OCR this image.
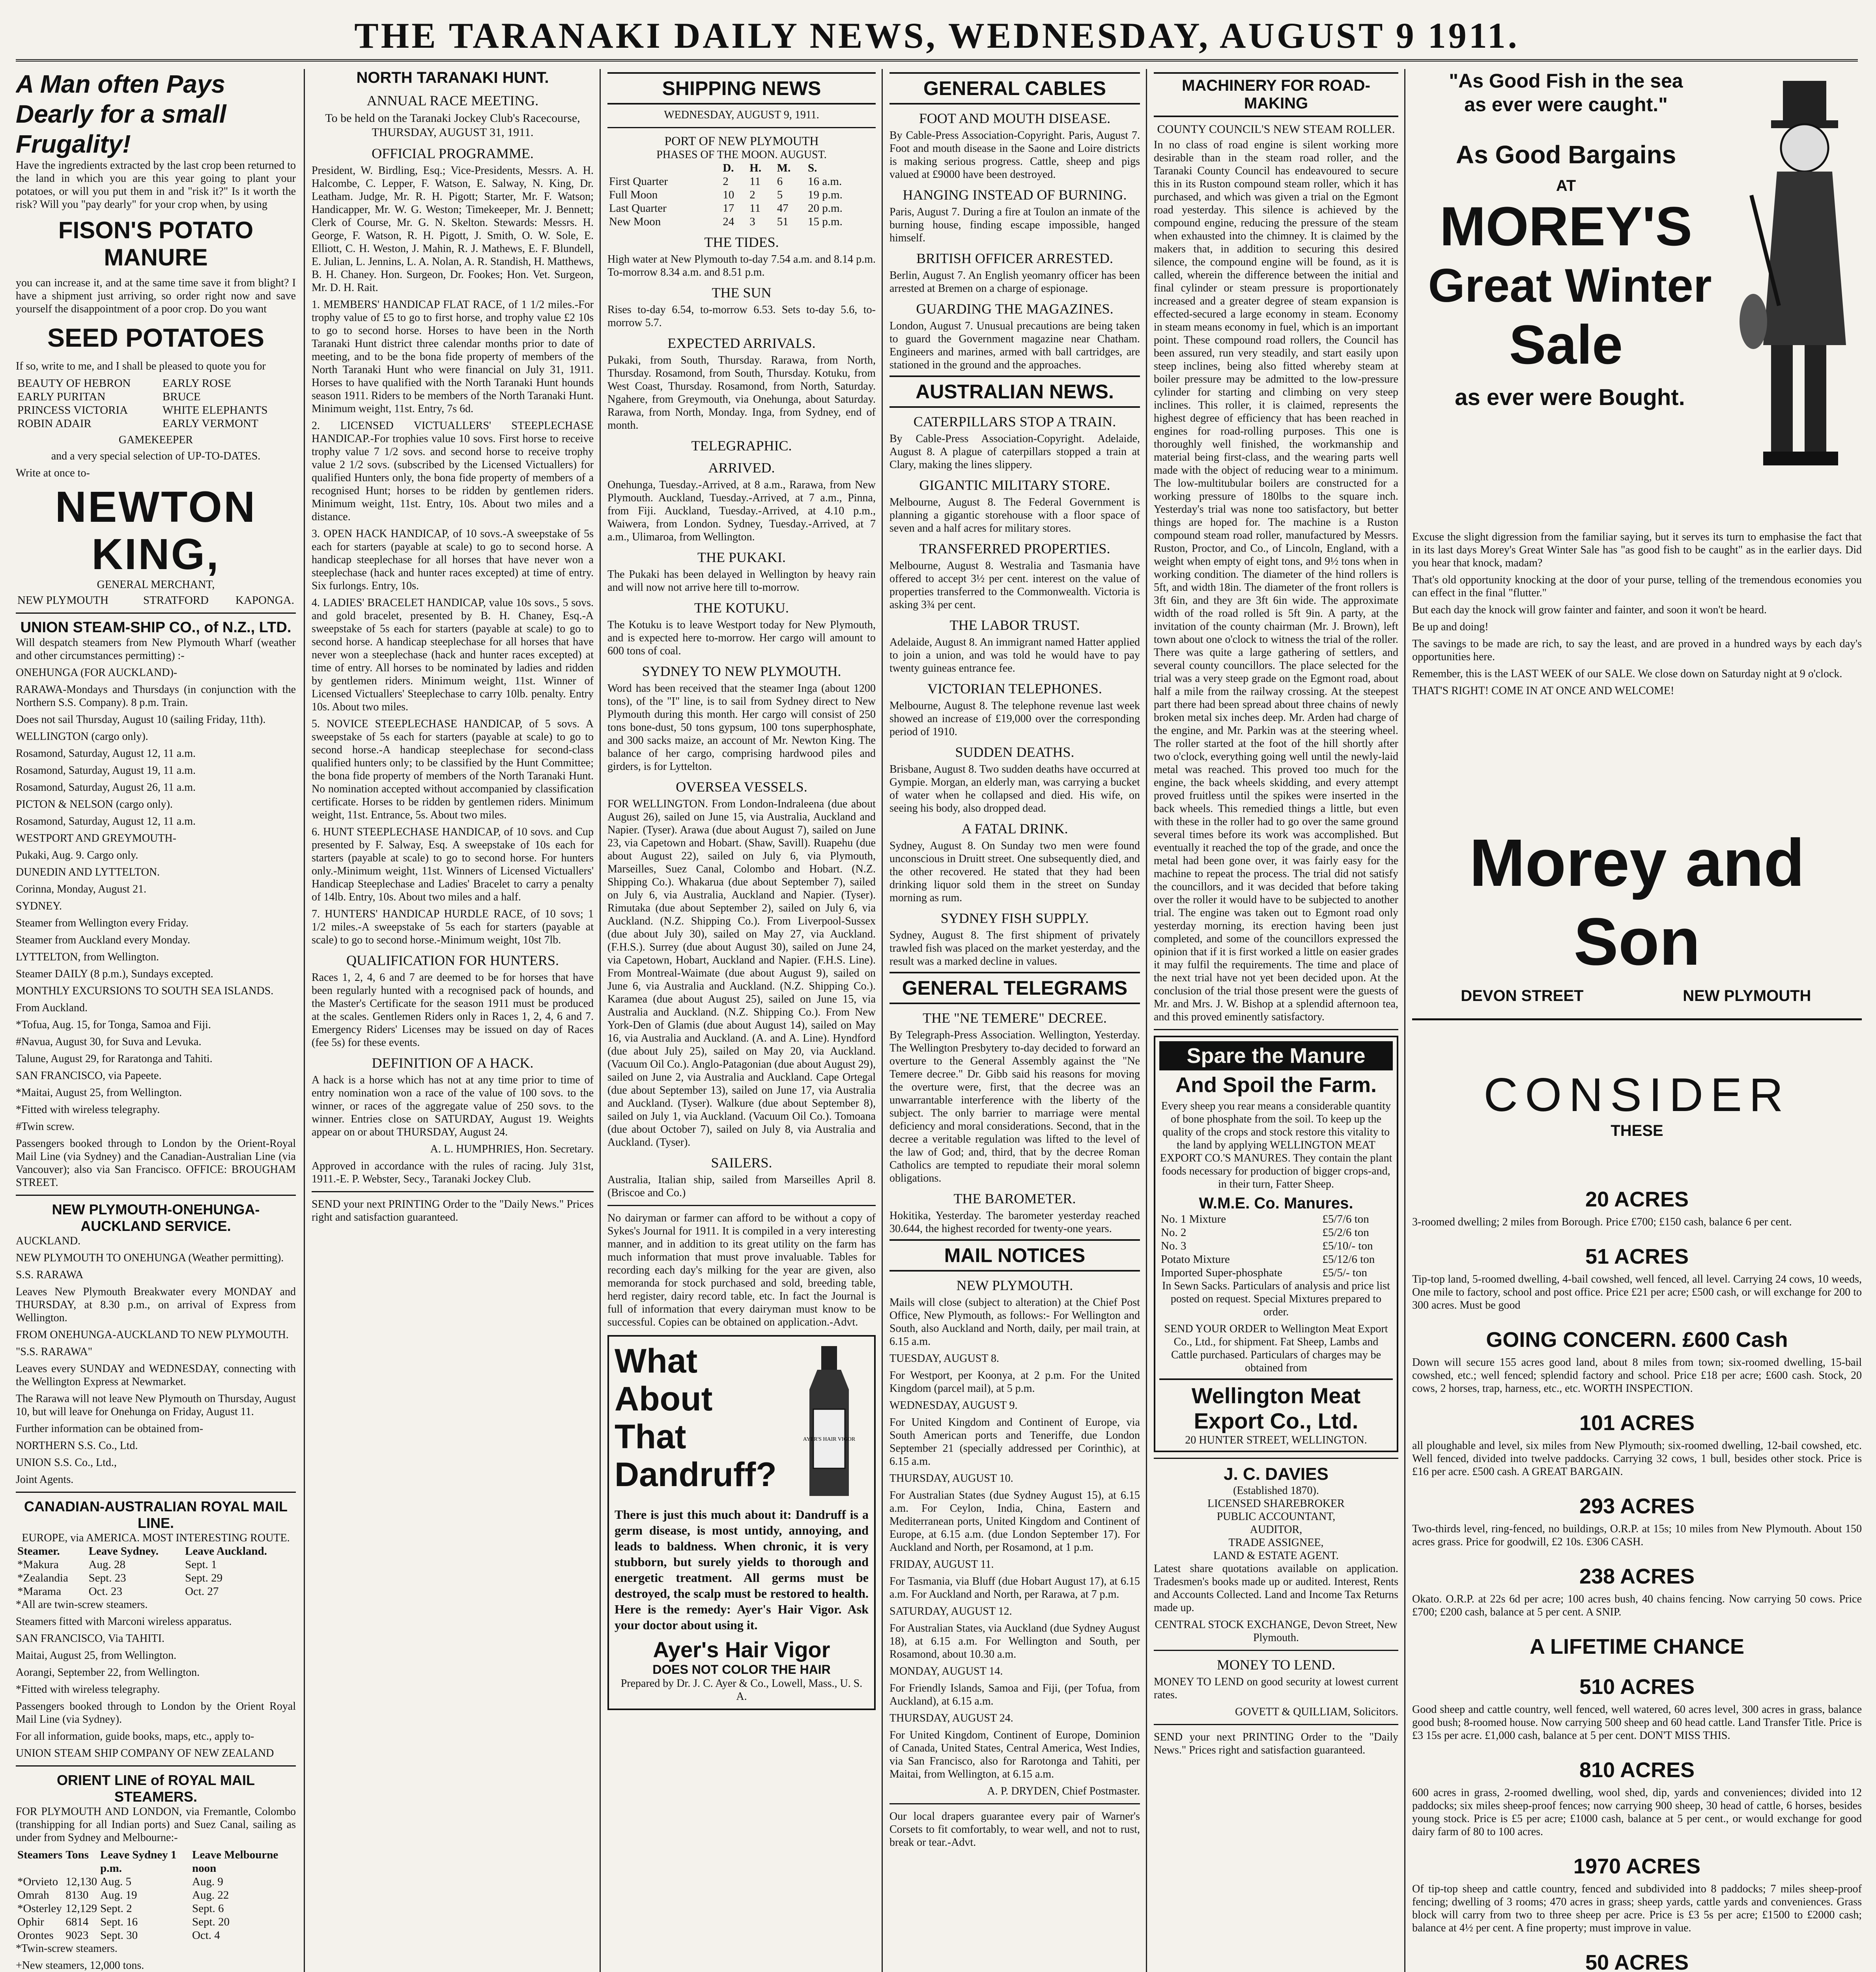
THE TARANAKI DAILY NEWS, WEDNESDAY, AUGUST 9 1911.
A Man often Pays Dearly for a small Frugality!

Have the ingredients extracted by the last crop been returned to the land in which you are this year going to plant your potatoes, or will you put them in and "risk it?" Is it worth the risk? Will you "pay dearly" for your crop when, by using

FISON'S POTATO MANURE

you can increase it, and at the same time save it from blight? I have a shipment just arriving, so order right now and save yourself the disappointment of a poor crop. Do you want

SEED POTATOES

If so, write to me, and I shall be pleased to quote you for

BEAUTY OF HEBRON	EARLY ROSE
EARLY PURITAN	BRUCE
PRINCESS VICTORIA	WHITE ELEPHANTS
ROBIN ADAIR	EARLY VERMONT
GAMEKEEPER

and a very special selection of UP-TO-DATES.

Write at once to-

NEWTON KING,
GENERAL MERCHANT,
NEW PLYMOUTH	STRATFORD	KAPONGA.
UNION STEAM-SHIP CO., of N.Z., LTD.

Will despatch steamers from New Plymouth Wharf (weather and other circumstances permitting) :-

ONEHUNGA (FOR AUCKLAND)-
RARAWA-Mondays and Thursdays (in conjunction with the Northern S.S. Company). 8 p.m. Train.
Does not sail Thursday, August 10 (sailing Friday, 11th).
WELLINGTON (cargo only).
Rosamond, Saturday, August 12, 11 a.m.
Rosamond, Saturday, August 19, 11 a.m.
Rosamond, Saturday, August 26, 11 a.m.
PICTON & NELSON (cargo only).
Rosamond, Saturday, August 12, 11 a.m.
WESTPORT AND GREYMOUTH-
Pukaki, Aug. 9. Cargo only.
DUNEDIN AND LYTTELTON.
Corinna, Monday, August 21.
SYDNEY.
Steamer from Wellington every Friday.
Steamer from Auckland every Monday.
LYTTELTON, from Wellington.
Steamer DAILY (8 p.m.), Sundays excepted.
MONTHLY EXCURSIONS TO SOUTH SEA ISLANDS.
From Auckland.
*Tofua, Aug. 15, for Tonga, Samoa and Fiji.
#Navua, August 30, for Suva and Levuka.
Talune, August 29, for Raratonga and Tahiti.
SAN FRANCISCO, via Papeete.
*Maitai, August 25, from Wellington.
*Fitted with wireless telegraphy.
#Twin screw.

Passengers booked through to London by the Orient-Royal Mail Line (via Sydney) and the Canadian-Australian Line (via Vancouver); also via San Francisco. OFFICE: BROUGHAM STREET.

NEW PLYMOUTH-ONEHUNGA-AUCKLAND SERVICE.
AUCKLAND.
NEW PLYMOUTH TO ONEHUNGA (Weather permitting).
S.S. RARAWA
Leaves New Plymouth Breakwater every MONDAY and THURSDAY, at 8.30 p.m., on arrival of Express from Wellington.
FROM ONEHUNGA-AUCKLAND TO NEW PLYMOUTH.
"S.S. RARAWA"
Leaves every SUNDAY and WEDNESDAY, connecting with the Wellington Express at Newmarket.
The Rarawa will not leave New Plymouth on Thursday, August 10, but will leave for Onehunga on Friday, August 11.
Further information can be obtained from-
NORTHERN S.S. Co., Ltd.
UNION S.S. Co., Ltd.,
Joint Agents.
CANADIAN-AUSTRALIAN ROYAL MAIL LINE.
EUROPE, via AMERICA. MOST INTERESTING ROUTE.
Steamer.	Leave Sydney.	Leave Auckland.
*Makura	Aug. 28	Sept. 1
*Zealandia	Sept. 23	Sept. 29
*Marama	Oct. 23	Oct. 27
*All are twin-screw steamers.
Steamers fitted with Marconi wireless apparatus.
SAN FRANCISCO, Via TAHITI.
Maitai, August 25, from Wellington.
Aorangi, September 22, from Wellington.
*Fitted with wireless telegraphy.
Passengers booked through to London by the Orient Royal Mail Line (via Sydney).
For all information, guide books, maps, etc., apply to-
UNION STEAM SHIP COMPANY OF NEW ZEALAND
ORIENT LINE of ROYAL MAIL STEAMERS.

FOR PLYMOUTH AND LONDON, via Fremantle, Colombo (transhipping for all Indian ports) and Suez Canal, sailing as under from Sydney and Melbourne:-

Steamers	Tons	Leave Sydney 1 p.m.	Leave Melbourne noon
*Orvieto	12,130	Aug. 5	Aug. 9
Omrah	8130	Aug. 19	Aug. 22
*Osterley	12,129	Sept. 2	Sept. 6
Ophir	6814	Sept. 16	Sept. 20
Orontes	9023	Sept. 30	Oct. 4
*Twin-screw steamers.
+New steamers, 12,000 tons.

NORTH TARANAKI HUNT.
ANNUAL RACE MEETING.

To be held on the Taranaki Jockey Club's Racecourse, THURSDAY, AUGUST 31, 1911.

OFFICIAL PROGRAMME.

President, W. Birdling, Esq.; Vice-Presidents, Messrs. A. H. Halcombe, C. Lepper, F. Watson, E. Salway, N. King, Dr. Leatham. Judge, Mr. R. H. Pigott; Starter, Mr. F. Watson; Handicapper, Mr. W. G. Weston; Timekeeper, Mr. J. Bennett; Clerk of Course, Mr. G. N. Skelton. Stewards: Messrs. H. George, F. Watson, R. H. Pigott, J. Smith, O. W. Sole, E. Elliott, C. H. Weston, J. Mahin, R. J. Mathews, E. F. Blundell, E. Julian, L. Jennins, L. A. Nolan, A. R. Standish, H. Matthews, B. H. Chaney. Hon. Surgeon, Dr. Fookes; Hon. Vet. Surgeon, Mr. D. H. Rait.

1. MEMBERS' HANDICAP FLAT RACE, of 1 1/2 miles.-For trophy value of £5 to go to first horse, and trophy value £2 10s to go to second horse. Horses to have been in the North Taranaki Hunt district three calendar months prior to date of meeting, and to be the bona fide property of members of the North Taranaki Hunt who were financial on July 31, 1911. Horses to have qualified with the North Taranaki Hunt hounds season 1911. Riders to be members of the North Taranaki Hunt. Minimum weight, 11st. Entry, 7s 6d.
2. LICENSED VICTUALLERS' STEEPLECHASE HANDICAP.-For trophies value 10 sovs. First horse to receive trophy value 7 1/2 sovs. and second horse to receive trophy value 2 1/2 sovs. (subscribed by the Licensed Victuallers) for qualified Hunters only, the bona fide property of members of a recognised Hunt; horses to be ridden by gentlemen riders. Minimum weight, 11st. Entry, 10s. About two miles and a distance.
3. OPEN HACK HANDICAP, of 10 sovs.-A sweepstake of 5s each for starters (payable at scale) to go to second horse. A handicap steeplechase for all horses that have never won a steeplechase (hack and hunter races excepted) at time of entry. Six furlongs. Entry, 10s.
4. LADIES' BRACELET HANDICAP, value 10s sovs., 5 sovs. and gold bracelet, presented by B. H. Chaney, Esq.-A sweepstake of 5s each for starters (payable at scale) to go to second horse. A handicap steeplechase for all horses that have never won a steeplechase (hack and hunter races excepted) at time of entry. All horses to be nominated by ladies and ridden by gentlemen riders. Minimum weight, 11st. Winner of Licensed Victuallers' Steeplechase to carry 10lb. penalty. Entry 10s. About two miles.
5. NOVICE STEEPLECHASE HANDICAP, of 5 sovs. A sweepstake of 5s each for starters (payable at scale) to go to second horse.-A handicap steeplechase for second-class qualified hunters only; to be classified by the Hunt Committee; the bona fide property of members of the North Taranaki Hunt. No nomination accepted without accompanied by classification certificate. Horses to be ridden by gentlemen riders. Minimum weight, 11st. Entrance, 5s. About two miles.
6. HUNT STEEPLECHASE HANDICAP, of 10 sovs. and Cup presented by F. Salway, Esq. A sweepstake of 10s each for starters (payable at scale) to go to second horse. For hunters only.-Minimum weight, 11st. Winners of Licensed Victuallers' Handicap Steeplechase and Ladies' Bracelet to carry a penalty of 14lb. Entry, 10s. About two miles and a half.
7. HUNTERS' HANDICAP HURDLE RACE, of 10 sovs; 1 1/2 miles.-A sweepstake of 5s each for starters (payable at scale) to go to second horse.-Minimum weight, 10st 7lb.
QUALIFICATION FOR HUNTERS.

Races 1, 2, 4, 6 and 7 are deemed to be for horses that have been regularly hunted with a recognised pack of hounds, and the Master's Certificate for the season 1911 must be produced at the scales. Gentlemen Riders only in Races 1, 2, 4, 6 and 7. Emergency Riders' Licenses may be issued on day of Races (fee 5s) for these events.

DEFINITION OF A HACK.

A hack is a horse which has not at any time prior to time of entry nomination won a race of the value of 100 sovs. to the winner, or races of the aggregate value of 250 sovs. to the winner. Entries close on SATURDAY, August 19. Weights appear on or about THURSDAY, August 24.

A. L. HUMPHRIES, Hon. Secretary.

Approved in accordance with the rules of racing. July 31st, 1911.-E. P. Webster, Secy., Taranaki Jockey Club.

SEND your next PRINTING Order to the "Daily News." Prices right and satisfaction guaranteed.

SHIPPING NEWS
WEDNESDAY, AUGUST 9, 1911.
PORT OF NEW PLYMOUTH
PHASES OF THE MOON. AUGUST.
	D.	H.	M.	S.
First Quarter	2	11	6	16 a.m.
Full Moon	10	2	5	19 p.m.
Last Quarter	17	11	47	20 p.m.
New Moon	24	3	51	15 p.m.
THE TIDES.

High water at New Plymouth to-day 7.54 a.m. and 8.14 p.m. To-morrow 8.34 a.m. and 8.51 p.m.

THE SUN

Rises to-day 6.54, to-morrow 6.53. Sets to-day 5.6, to-morrow 5.7.

EXPECTED ARRIVALS.

Pukaki, from South, Thursday. Rarawa, from North, Thursday. Rosamond, from South, Thursday. Kotuku, from West Coast, Thursday. Rosamond, from North, Saturday. Ngahere, from Greymouth, via Onehunga, about Saturday. Rarawa, from North, Monday. Inga, from Sydney, end of month.

TELEGRAPHIC.
ARRIVED.

Onehunga, Tuesday.-Arrived, at 8 a.m., Rarawa, from New Plymouth. Auckland, Tuesday.-Arrived, at 7 a.m., Pinna, from Fiji. Auckland, Tuesday.-Arrived, at 4.10 p.m., Waiwera, from London. Sydney, Tuesday.-Arrived, at 7 a.m., Ulimaroa, from Wellington.

THE PUKAKI.

The Pukaki has been delayed in Wellington by heavy rain and will now not arrive here till to-morrow.

THE KOTUKU.

The Kotuku is to leave Westport today for New Plymouth, and is expected here to-morrow. Her cargo will amount to 600 tons of coal.

SYDNEY TO NEW PLYMOUTH.

Word has been received that the steamer Inga (about 1200 tons), of the "I" line, is to sail from Sydney direct to New Plymouth during this month. Her cargo will consist of 250 tons bone-dust, 50 tons gypsum, 100 tons superphosphate, and 300 sacks maize, an account of Mr. Newton King. The balance of her cargo, comprising hardwood piles and girders, is for Lyttelton.

OVERSEA VESSELS.

FOR WELLINGTON. From London-Indraleena (due about August 26), sailed on June 15, via Australia, Auckland and Napier. (Tyser). Arawa (due about August 7), sailed on June 23, via Capetown and Hobart. (Shaw, Savill). Ruapehu (due about August 22), sailed on July 6, via Plymouth, Marseilles, Suez Canal, Colombo and Hobart. (N.Z. Shipping Co.). Whakarua (due about September 7), sailed on July 6, via Australia, Auckland and Napier. (Tyser). Rimutaka (due about September 2), sailed on July 6, via Auckland. (N.Z. Shipping Co.). From Liverpool-Sussex (due about July 30), sailed on May 27, via Auckland. (F.H.S.). Surrey (due about August 30), sailed on June 24, via Capetown, Hobart, Auckland and Napier. (F.H.S. Line). From Montreal-Waimate (due about August 9), sailed on June 6, via Australia and Auckland. (N.Z. Shipping Co.). Karamea (due about August 25), sailed on June 15, via Australia and Auckland. (N.Z. Shipping Co.). From New York-Den of Glamis (due about August 14), sailed on May 16, via Australia and Auckland. (A. and A. Line). Hyndford (due about July 25), sailed on May 20, via Auckland. (Vacuum Oil Co.). Anglo-Patagonian (due about August 29), sailed on June 2, via Australia and Auckland. Cape Ortegal (due about September 13), sailed on June 17, via Australia and Auckland. (Tyser). Walkure (due about September 8), sailed on July 1, via Auckland. (Vacuum Oil Co.). Tomoana (due about October 7), sailed on July 8, via Australia and Auckland. (Tyser).

SAILERS.

Australia, Italian ship, sailed from Marseilles April 8. (Briscoe and Co.)

No dairyman or farmer can afford to be without a copy of Sykes's Journal for 1911. It is compiled in a very interesting manner, and in addition to its great utility on the farm has much information that must prove invaluable. Tables for recording each day's milking for the year are given, also memoranda for stock purchased and sold, breeding table, herd register, dairy record table, etc. In fact the Journal is full of information that every dairyman must know to be successful. Copies can be obtained on application.-Advt.

What
About
That
Dandruff?
AYER'S HAIR VIGOR

There is just this much about it: Dandruff is a germ disease, is most untidy, annoying, and leads to baldness. When chronic, it is very stubborn, but surely yields to thorough and energetic treatment. All germs must be destroyed, the scalp must be restored to health. Here is the remedy: Ayer's Hair Vigor. Ask your doctor about using it.

Ayer's Hair Vigor
DOES NOT COLOR THE HAIR
Prepared by Dr. J. C. Ayer & Co., Lowell, Mass., U. S. A.
GENERAL CABLES
FOOT AND MOUTH DISEASE.

By Cable-Press Association-Copyright. Paris, August 7. Foot and mouth disease in the Saone and Loire districts is making serious progress. Cattle, sheep and pigs valued at £9000 have been destroyed.

HANGING INSTEAD OF BURNING.

Paris, August 7. During a fire at Toulon an inmate of the burning house, finding escape impossible, hanged himself.

BRITISH OFFICER ARRESTED.

Berlin, August 7. An English yeomanry officer has been arrested at Bremen on a charge of espionage.

GUARDING THE MAGAZINES.

London, August 7. Unusual precautions are being taken to guard the Government magazine near Chatham. Engineers and marines, armed with ball cartridges, are stationed in the ground and the approaches.

AUSTRALIAN NEWS.
CATERPILLARS STOP A TRAIN.

By Cable-Press Association-Copyright. Adelaide, August 8. A plague of caterpillars stopped a train at Clary, making the lines slippery.

GIGANTIC MILITARY STORE.

Melbourne, August 8. The Federal Government is planning a gigantic storehouse with a floor space of seven and a half acres for military stores.

TRANSFERRED PROPERTIES.

Melbourne, August 8. Westralia and Tasmania have offered to accept 3½ per cent. interest on the value of properties transferred to the Commonwealth. Victoria is asking 3¾ per cent.

THE LABOR TRUST.

Adelaide, August 8. An immigrant named Hatter applied to join a union, and was told he would have to pay twenty guineas entrance fee.

VICTORIAN TELEPHONES.

Melbourne, August 8. The telephone revenue last week showed an increase of £19,000 over the corresponding period of 1910.

SUDDEN DEATHS.

Brisbane, August 8. Two sudden deaths have occurred at Gympie. Morgan, an elderly man, was carrying a bucket of water when he collapsed and died. His wife, on seeing his body, also dropped dead.

A FATAL DRINK.

Sydney, August 8. On Sunday two men were found unconscious in Druitt street. One subsequently died, and the other recovered. He stated that they had been drinking liquor sold them in the street on Sunday morning as rum.

SYDNEY FISH SUPPLY.

Sydney, August 8. The first shipment of privately trawled fish was placed on the market yesterday, and the result was a marked decline in values.

GENERAL TELEGRAMS
THE "NE TEMERE" DECREE.

By Telegraph-Press Association. Wellington, Yesterday. The Wellington Presbytery to-day decided to forward an overture to the General Assembly against the "Ne Temere decree." Dr. Gibb said his reasons for moving the overture were, first, that the decree was an unwarrantable interference with the liberty of the subject. The only barrier to marriage were mental deficiency and moral considerations. Second, that in the decree a veritable regulation was lifted to the level of the law of God; and, third, that by the decree Roman Catholics are tempted to repudiate their moral solemn obligations.

THE BAROMETER.

Hokitika, Yesterday. The barometer yesterday reached 30.644, the highest recorded for twenty-one years.

MAIL NOTICES
NEW PLYMOUTH.

Mails will close (subject to alteration) at the Chief Post Office, New Plymouth, as follows:- For Wellington and South, also Auckland and North, daily, per mail train, at 6.15 a.m.

TUESDAY, AUGUST 8.
For Westport, per Koonya, at 2 p.m. For the United Kingdom (parcel mail), at 5 p.m.
WEDNESDAY, AUGUST 9.
For United Kingdom and Continent of Europe, via South American ports and Teneriffe, due London September 21 (specially addressed per Corinthic), at 6.15 a.m.
THURSDAY, AUGUST 10.
For Australian States (due Sydney August 15), at 6.15 a.m. For Ceylon, India, China, Eastern and Mediterranean ports, United Kingdom and Continent of Europe, at 6.15 a.m. (due London September 17). For Auckland and North, per Rosamond, at 1 p.m.
FRIDAY, AUGUST 11.
For Tasmania, via Bluff (due Hobart August 17), at 6.15 a.m. For Auckland and North, per Rarawa, at 7 p.m.
SATURDAY, AUGUST 12.
For Australian States, via Auckland (due Sydney August 18), at 6.15 a.m. For Wellington and South, per Rosamond, about 10.30 a.m.
MONDAY, AUGUST 14.
For Friendly Islands, Samoa and Fiji, (per Tofua, from Auckland), at 6.15 a.m.
THURSDAY, AUGUST 24.
For United Kingdom, Continent of Europe, Dominion of Canada, United States, Central America, West Indies, via San Francisco, also for Rarotonga and Tahiti, per Maitai, from Wellington, at 6.15 a.m.

A. P. DRYDEN, Chief Postmaster.

Our local drapers guarantee every pair of Warner's Corsets to fit comfortably, to wear well, and not to rust, break or tear.-Advt.

MACHINERY FOR ROAD-MAKING
COUNTY COUNCIL'S NEW STEAM ROLLER.

In no class of road engine is silent working more desirable than in the steam road roller, and the Taranaki County Council has endeavoured to secure this in its Ruston compound steam roller, which it has purchased, and which was given a trial on the Egmont road yesterday. This silence is achieved by the compound engine, reducing the pressure of the steam when exhausted into the chimney. It is claimed by the makers that, in addition to securing this desired silence, the compound engine will be found, as it is called, wherein the difference between the initial and final cylinder or steam pressure is proportionately increased and a greater degree of steam expansion is effected-secured a large economy in steam. Economy in steam means economy in fuel, which is an important point. These compound road rollers, the Council has been assured, run very steadily, and start easily upon steep inclines, being also fitted whereby steam at boiler pressure may be admitted to the low-pressure cylinder for starting and climbing on very steep inclines. This roller, it is claimed, represents the highest degree of efficiency that has been reached in engines for road-rolling purposes. This one is thoroughly well finished, the workmanship and material being first-class, and the wearing parts well made with the object of reducing wear to a minimum. The low-multitubular boilers are constructed for a working pressure of 180lbs to the square inch. Yesterday's trial was none too satisfactory, but better things are hoped for. The machine is a Ruston compound steam road roller, manufactured by Messrs. Ruston, Proctor, and Co., of Lincoln, England, with a weight when empty of eight tons, and 9½ tons when in working condition. The diameter of the hind rollers is 5ft, and width 18in. The diameter of the front rollers is 3ft 6in, and they are 3ft 6in wide. The approximate width of the road rolled is 5ft 9in. A party, at the invitation of the county chairman (Mr. J. Brown), left town about one o'clock to witness the trial of the roller. There was quite a large gathering of settlers, and several county councillors. The place selected for the trial was a very steep grade on the Egmont road, about half a mile from the railway crossing. At the steepest part there had been spread about three chains of newly broken metal six inches deep. Mr. Arden had charge of the engine, and Mr. Parkin was at the steering wheel. The roller started at the foot of the hill shortly after two o'clock, everything going well until the newly-laid metal was reached. This proved too much for the engine, the back wheels skidding, and every attempt proved fruitless until the spikes were inserted in the back wheels. This remedied things a little, but even with these in the roller had to go over the same ground several times before its work was accomplished. But eventually it reached the top of the grade, and once the metal had been gone over, it was fairly easy for the machine to repeat the process. The trial did not satisfy the councillors, and it was decided that before taking over the roller it would have to be subjected to another trial. The engine was taken out to Egmont road only yesterday morning, its erection having been just completed, and some of the councillors expressed the opinion that if it is first worked a little on easier grades it may fulfil the requirements. The time and place of the next trial have not yet been decided upon. At the conclusion of the trial those present were the guests of Mr. and Mrs. J. W. Bishop at a splendid afternoon tea, and this proved eminently satisfactory.

Spare the Manure
And Spoil the Farm.

Every sheep you rear means a considerable quantity of bone phosphate from the soil. To keep up the quality of the crops and stock restore this vitality to the land by applying WELLINGTON MEAT EXPORT CO.'S MANURES. They contain the plant foods necessary for production of bigger crops-and, in their turn, Fatter Sheep.

W.M.E. Co. Manures.
No. 1 Mixture	£5/7/6 ton
No. 2	£5/2/6 ton
No. 3	£5/10/- ton
Potato Mixture	£5/12/6 ton
Imported Super-phosphate	£5/5/- ton

In Sewn Sacks. Particulars of analysis and price list posted on request. Special Mixtures prepared to order.

SEND YOUR ORDER to Wellington Meat Export Co., Ltd., for shipment. Fat Sheep, Lambs and Cattle purchased. Particulars of charges may be obtained from

Wellington Meat Export Co., Ltd.
20 HUNTER STREET, WELLINGTON.
J. C. DAVIES
(Established 1870).
LICENSED SHAREBROKER
PUBLIC ACCOUNTANT,
AUDITOR,
TRADE ASSIGNEE,
LAND & ESTATE AGENT.

Latest share quotations available on application. Tradesmen's books made up or audited. Interest, Rents and Accounts Collected. Land and Income Tax Returns made up.

CENTRAL STOCK EXCHANGE, Devon Street, New Plymouth.

MONEY TO LEND.

MONEY TO LEND on good security at lowest current rates.

GOVETT & QUILLIAM, Solicitors.

SEND your next PRINTING Order to the "Daily News." Prices right and satisfaction guaranteed.

"As Good Fish in the sea
as ever were caught."
As Good Bargains
AT
MOREY'S
Great Winter
Sale
as ever were Bought.

Excuse the slight digression from the familiar saying, but it serves its turn to emphasise the fact that in its last days Morey's Great Winter Sale has "as good fish to be caught" as in the earlier days. Did you hear that knock, madam?

That's old opportunity knocking at the door of your purse, telling of the tremendous economies you can effect in the final "flutter."

But each day the knock will grow fainter and fainter, and soon it won't be heard.

Be up and doing!

The savings to be made are rich, to say the least, and are proved in a hundred ways by each day's opportunities here.

Remember, this is the LAST WEEK of our SALE. We close down on Saturday night at 9 o'clock.

THAT'S RIGHT! COME IN AT ONCE AND WELCOME!

Morey and Son
DEVON STREET	NEW PLYMOUTH
CONSIDER
THESE
20 ACRES

3-roomed dwelling; 2 miles from Borough. Price £700; £150 cash, balance 6 per cent.

51 ACRES

Tip-top land, 5-roomed dwelling, 4-bail cowshed, well fenced, all level. Carrying 24 cows, 10 weeds, One mile to factory, school and post office. Price £21 per acre; £500 cash, or will exchange for 200 to 300 acres. Must be good

GOING CONCERN. £600 Cash

Down will secure 155 acres good land, about 8 miles from town; six-roomed dwelling, 15-bail cowshed, etc.; well fenced; splendid factory and school. Price £18 per acre; £600 cash. Stock, 20 cows, 2 horses, trap, harness, etc., etc. WORTH INSPECTION.

101 ACRES

all ploughable and level, six miles from New Plymouth; six-roomed dwelling, 12-bail cowshed, etc. Well fenced, divided into twelve paddocks. Carrying 32 cows, 1 bull, besides other stock. Price is £16 per acre. £500 cash. A GREAT BARGAIN.

293 ACRES

Two-thirds level, ring-fenced, no buildings, O.R.P. at 15s; 10 miles from New Plymouth. About 150 acres grass. Price for goodwill, £2 10s. £306 CASH.

238 ACRES

Okato. O.R.P. at 22s 6d per acre; 100 acres bush, 40 chains fencing. Now carrying 50 cows. Price £700; £200 cash, balance at 5 per cent. A SNIP.

A LIFETIME CHANCE
510 ACRES

Good sheep and cattle country, well fenced, well watered, 60 acres level, 300 acres in grass, balance good bush; 8-roomed house. Now carrying 500 sheep and 60 head cattle. Land Transfer Title. Price is £3 15s per acre. £1,000 cash, balance at 5 per cent. DON'T MISS THIS.

810 ACRES

600 acres in grass, 2-roomed dwelling, wool shed, dip, yards and conveniences; divided into 12 paddocks; six miles sheep-proof fences; now carrying 900 sheep, 30 head of cattle, 6 horses, besides young stock. Price is £5 per acre; £1000 cash, balance at 5 per cent., or would exchange for good dairy farm of 80 to 100 acres.

1970 ACRES

Of tip-top sheep and cattle country, fenced and subdivided into 8 paddocks; 7 miles sheep-proof fencing; dwelling of 3 rooms; 470 acres in grass; sheep yards, cattle yards and conveniences. Grass block will carry from two to three sheep per acre. Price is £3 5s per acre; £1500 to £2000 cash; balance at 4½ per cent. A fine property; must improve in value.

50 ACRES
